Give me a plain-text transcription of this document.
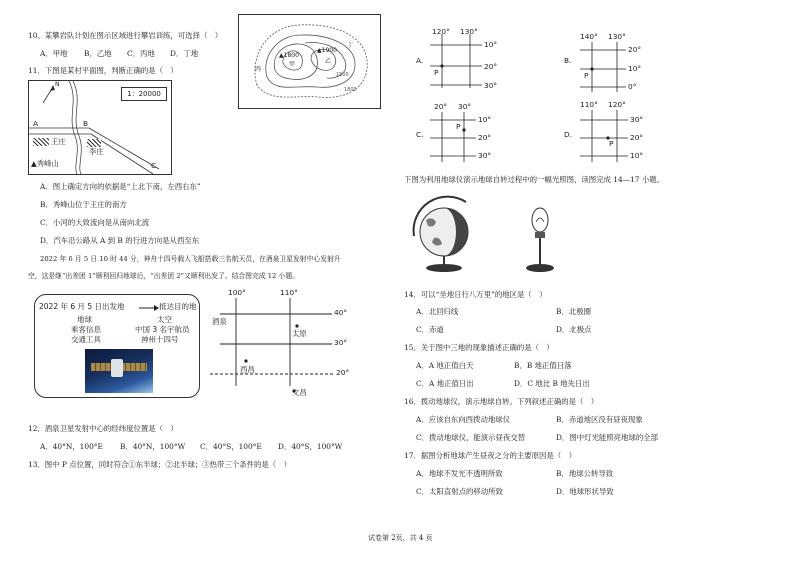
10、某攀岩队计划在图示区域进行攀岩训练，可选择（　）
A．甲地 B．乙地 C．丙地 D．丁地	▲1800
▲1900
丙
甲	乙
丁
1500
1800
11．下图是某村平面图，判断正确的是（　）
1：20000
N
A	B
C
王庄
李庄
▲秀峰山
A．图上确定方向的依据是“上北下南，左西右东”
B．秀峰山位于王庄的南方
C．小河的大致流向是从南向北流
D．汽车沿公路从 A 到 B 的行进方向是从西至东
2022 年 6 月 5 日 10 时 44 分，神舟十四号载人飞船搭载三名航天员，在酒泉卫星发射中心发射升
空，这是继“出差团 1”顺利回归地球后，“出差团 2”又顺利出发了。结合图完成 12 小题。
2022 年 6 月 5 日出发地	抵达目的地
地球
乘客信息
交通工具
太空
中国 3 名宇航员
神州十四号
100°	110°
40°
30°
20°
酒泉
太原
西昌
文昌
12．酒泉卫星发射中心的经纬度位置是（　）
A．40°N，100°E B．40°N，100°W C．40°S，100°E D．40°S，100°W
13．图中 P 点位置，同时符合①东半球；②北半球；③热带三个条件的是（　）
A.
P
120° 130°
10°
20°
30°
B.
P
140° 130°
20°
10°
0°
C.
P
20° 30°
10°
20°
30°
D.
P
110° 120°
30°
20°
10°
下图为利用地球仪演示地球自转过程中的一幅光照图，读图完成 14—17 小题。
14．可以“坐地日行八万里”的地区是（　）
A．北回归线	B．北极圈
C．赤道	D．北极点
15．关于图中三地的现象描述正确的是（　）
A．A 地正值白天	B．B 地正值日落
C．A 地正值日出	D．C 地比 B 地先日出
16．拨动地球仪，演示地球自转。下列叙述正确的是（　）
A．应该自东向西拨动地球仪	B．赤道地区没有昼夜现象
C．拨动地球仪，能演示昼夜交替	D．图中灯光能照亮地球的全部
17．据图分析地球产生昼夜之分的主要原因是（　）
A．地球不发光不透明所致	B．地球公转导致
C．太阳直射点的移动所致	D．地球形状导致
试卷第 2页，共 4 页
